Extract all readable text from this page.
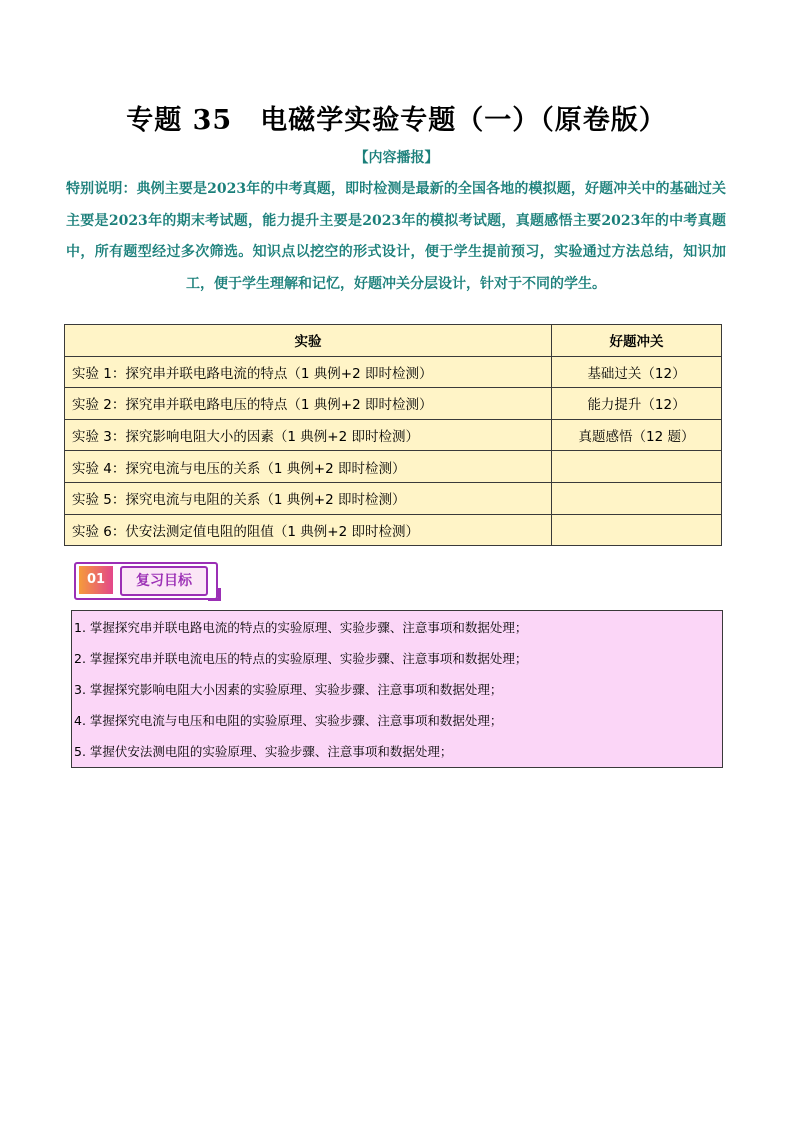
专题 35　电磁学实验专题（一）（原卷版）
【内容播报】
特别说明：典例主要是2023年的中考真题，即时检测是最新的全国各地的模拟题，好题冲关中的基础过关主要是2023年的期末考试题，能力提升主要是2023年的模拟考试题，真题感悟主要2023年的中考真题中，所有题型经过多次筛选。知识点以挖空的形式设计，便于学生提前预习，实验通过方法总结，知识加工，便于学生理解和记忆，好题冲关分层设计，针对于不同的学生。
实验	好题冲关
实验 1：探究串并联电路电流的特点（1 典例+2 即时检测）	基础过关（12）
实验 2：探究串并联电路电压的特点（1 典例+2 即时检测）	能力提升（12）
实验 3：探究影响电阻大小的因素（1 典例+2 即时检测）	真题感悟（12 题）
实验 4：探究电流与电压的关系（1 典例+2 即时检测）	
实验 5：探究电流与电阻的关系（1 典例+2 即时检测）	
实验 6：伏安法测定值电阻的阻值（1 典例+2 即时检测）	
01	复习目标
1. 掌握探究串并联电路电流的特点的实验原理、实验步骤、注意事项和数据处理；
2. 掌握探究串并联电流电压的特点的实验原理、实验步骤、注意事项和数据处理；
3. 掌握探究影响电阻大小因素的实验原理、实验步骤、注意事项和数据处理；
4. 掌握探究电流与电压和电阻的实验原理、实验步骤、注意事项和数据处理；
5. 掌握伏安法测电阻的实验原理、实验步骤、注意事项和数据处理；
